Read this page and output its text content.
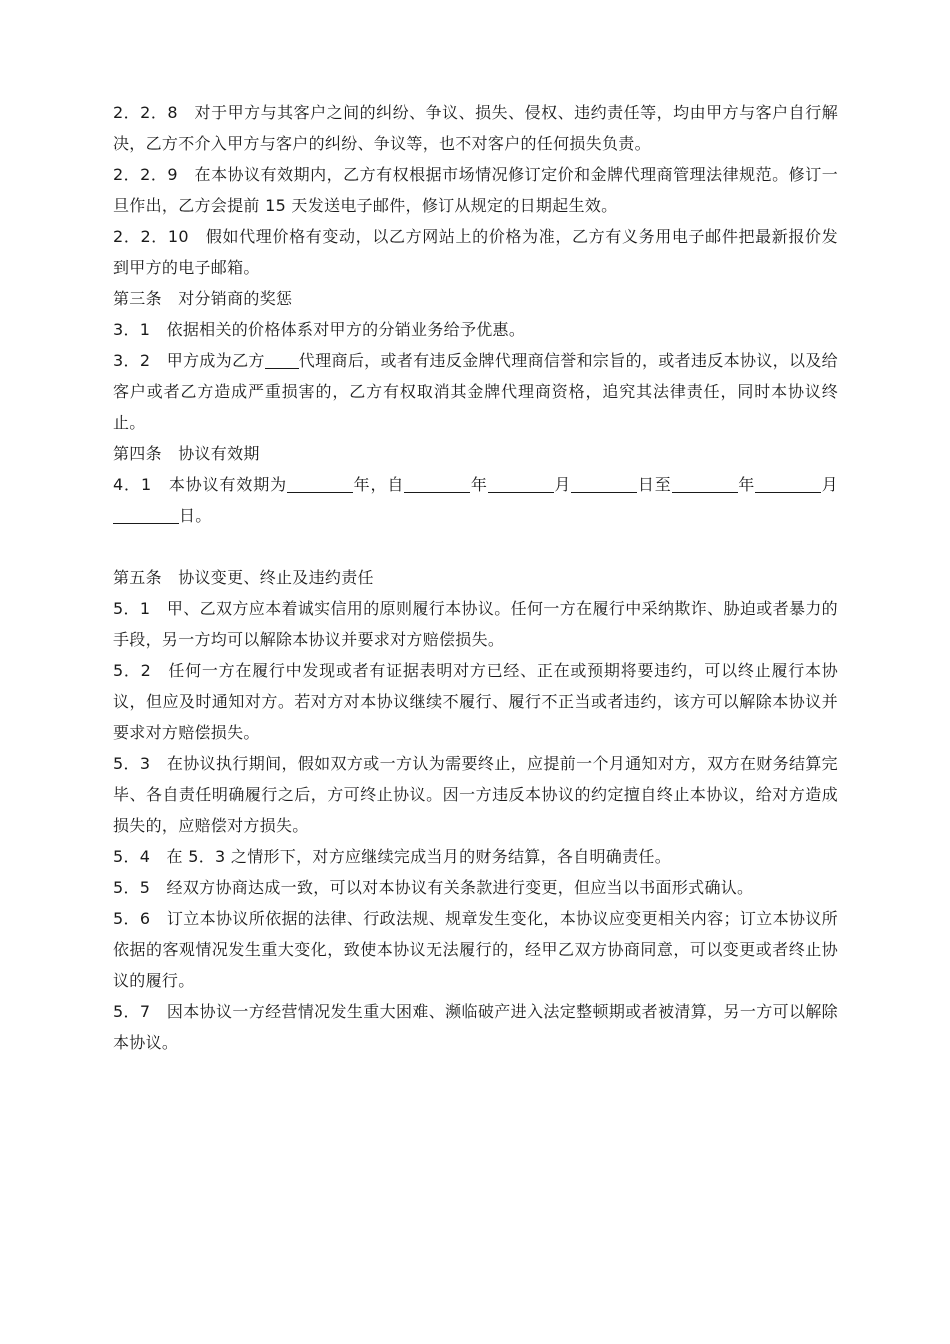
2．2．8　对于甲方与其客户之间的纠纷、争议、损失、侵权、违约责任等，均由甲方与客户自行解决，乙方不介入甲方与客户的纠纷、争议等，也不对客户的任何损失负责。

2．2．9　在本协议有效期内，乙方有权根据市场情况修订定价和金牌代理商管理法律规范。修订一旦作出，乙方会提前 15 天发送电子邮件，修订从规定的日期起生效。

2．2．10　假如代理价格有变动，以乙方网站上的价格为准，乙方有义务用电子邮件把最新报价发到甲方的电子邮箱。

第三条　对分销商的奖惩

3．1　依据相关的价格体系对甲方的分销业务给予优惠。

3．2　甲方成为乙方 代理商后，或者有违反金牌代理商信誉和宗旨的，或者违反本协议，以及给客户或者乙方造成严重损害的，乙方有权取消其金牌代理商资格，追究其法律责任，同时本协议终止。

第四条　协议有效期

4．1　本协议有效期为	年，自	年	月	日至	年	月日。

第五条　协议变更、终止及违约责任

5．1　甲、乙双方应本着诚实信用的原则履行本协议。任何一方在履行中采纳欺诈、胁迫或者暴力的手段，另一方均可以解除本协议并要求对方赔偿损失。

5．2　任何一方在履行中发现或者有证据表明对方已经、正在或预期将要违约，可以终止履行本协议，但应及时通知对方。若对方对本协议继续不履行、履行不正当或者违约，该方可以解除本协议并要求对方赔偿损失。

5．3　在协议执行期间，假如双方或一方认为需要终止，应提前一个月通知对方，双方在财务结算完毕、各自责任明确履行之后，方可终止协议。因一方违反本协议的约定擅自终止本协议，给对方造成损失的，应赔偿对方损失。

5．4　在 5．3 之情形下，对方应继续完成当月的财务结算，各自明确责任。

5．5　经双方协商达成一致，可以对本协议有关条款进行变更，但应当以书面形式确认。

5．6　订立本协议所依据的法律、行政法规、规章发生变化，本协议应变更相关内容；订立本协议所依据的客观情况发生重大变化，致使本协议无法履行的，经甲乙双方协商同意，可以变更或者终止协议的履行。

5．7　因本协议一方经营情况发生重大困难、濒临破产进入法定整顿期或者被清算，另一方可以解除本协议。
